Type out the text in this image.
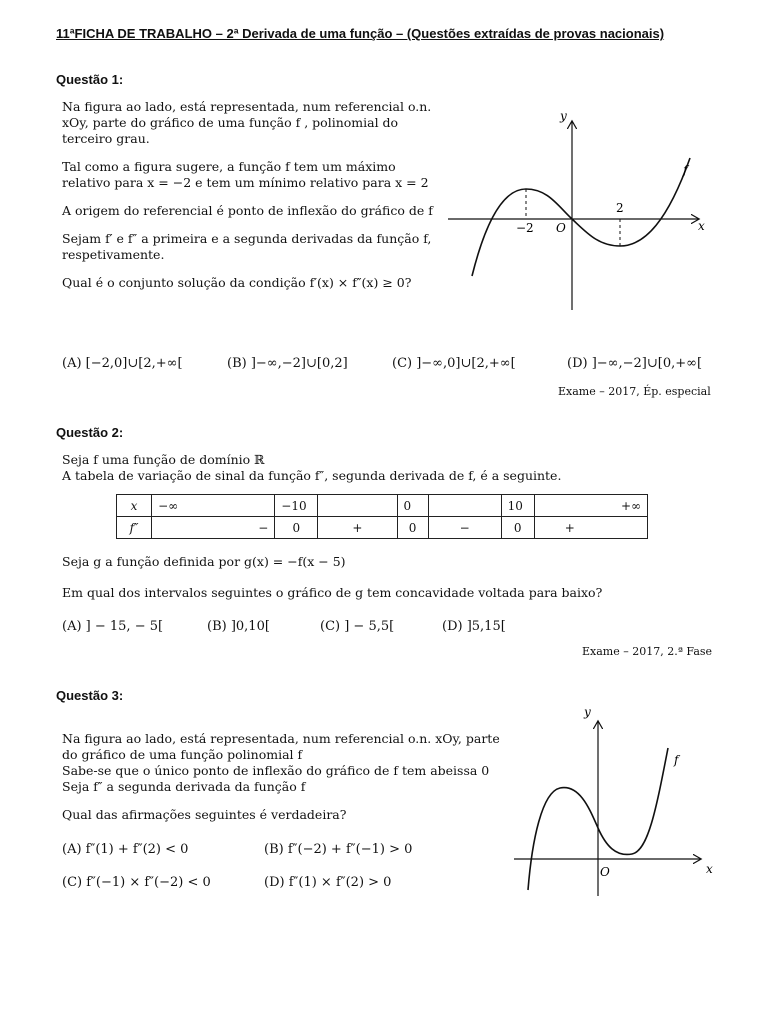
11ªFICHA DE TRABALHO – 2ª Derivada de uma função – (Questões extraídas de provas nacionais)
Questão 1:

Na figura ao lado, está representada, num referencial o.n. xOy, parte do gráfico de uma função f , polinomial do terceiro grau.

Tal como a figura sugere, a função f tem um máximo relativo para x = −2 e tem um mínimo relativo para x = 2

A origem do referencial é ponto de inflexão do gráfico de f

Sejam f′ e f″ a primeira e a segunda derivadas da função f, respetivamente.

Qual é o conjunto solução da condição f′(x) × f″(x) ≥ 0?

y
x
f
−2
2
O
(A) [−2,0]∪[2,+∞[	(B) ]−∞,−2]∪[0,2]	(C) ]−∞,0]∪[2,+∞[	(D) ]−∞,−2]∪[0,+∞[
Exame – 2017, Ép. especial
Questão 2:

Seja f uma função de domínio ℝ

A tabela de variação de sinal da função f″, segunda derivada de f, é a seguinte.

x	−∞	−10		0		10	+∞
f″	−	0	+	0	−	0	+
Seja g a função definida por g(x) = −f(x − 5)
Em qual dos intervalos seguintes o gráfico de g tem concavidade voltada para baixo?
(A) ] − 15, − 5[	(B) ]0,10[	(C) ] − 5,5[	(D) ]5,15[
Exame – 2017, 2.ª Fase
Questão 3:

Na figura ao lado, está representada, num referencial o.n. xOy, parte

do gráfico de uma função polinomial f

Sabe-se que o único ponto de inflexão do gráfico de f tem abeissa 0

Seja f″ a segunda derivada da função f

Qual das afirmações seguintes é verdadeira?

(A) f″(1) + f″(2) < 0	(B) f″(−2) + f″(−1) > 0
(C) f″(−1) × f″(−2) < 0	(D) f″(1) × f″(2) > 0
y
x
f
O
